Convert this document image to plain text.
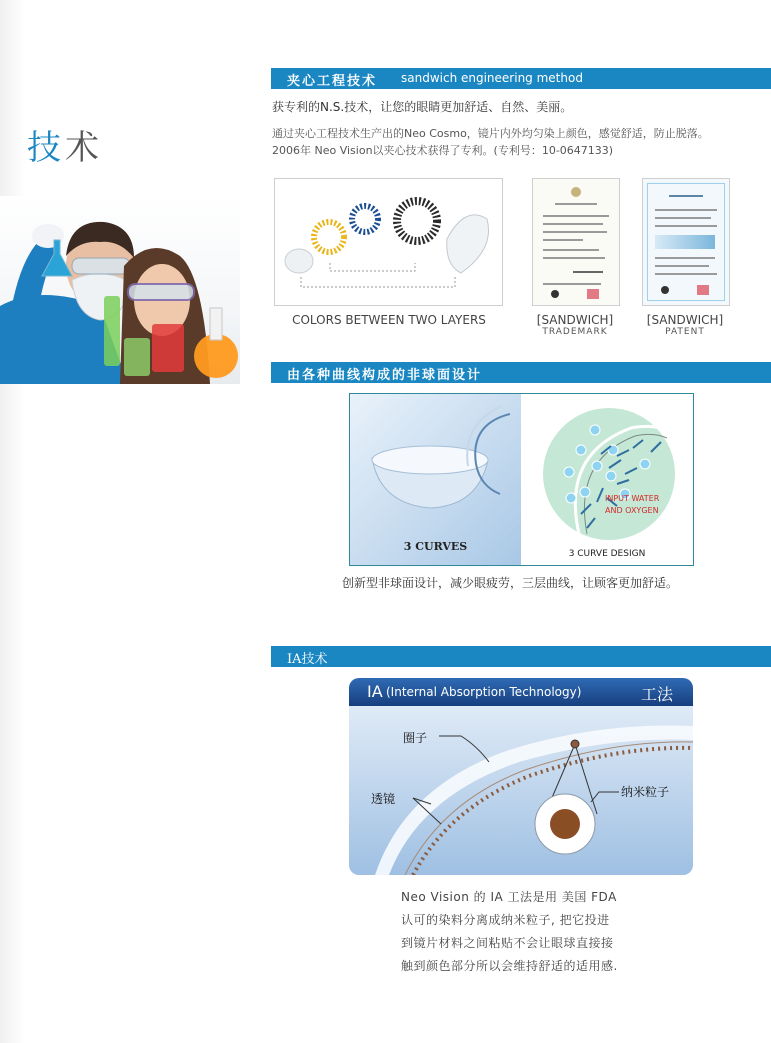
技术
夹心工程技术 sandwich engineering method
获专利的N.S.技术，让您的眼睛更加舒适、自然、美丽。
通过夹心工程技术生产出的Neo Cosmo，镜片内外均匀染上颜色，感觉舒适，防止脱落。
2006年 Neo Vision以夹心技术获得了专利。(专利号：10-0647133)
COLORS BETWEEN TWO LAYERS	[SANDWICH]
TRADEMARK
[SANDWICH]
PATENT
由各种曲线构成的非球面设计
3 CURVES
INPUT WATER
AND OXYGEN
3 CURVE DESIGN
创新型非球面设计，减少眼疲劳，三层曲线，让顾客更加舒适。
IA技术
IA (Internal Absorption Technology)	工法
圈子
透镜	纳米粒子
Neo Vision 的 IA 工法是用 美国 FDA
认可的染料分离成纳米粒子, 把它投进
到镜片材料之间粘贴不会让眼球直接接
触到颜色部分所以会维持舒适的适用感.
